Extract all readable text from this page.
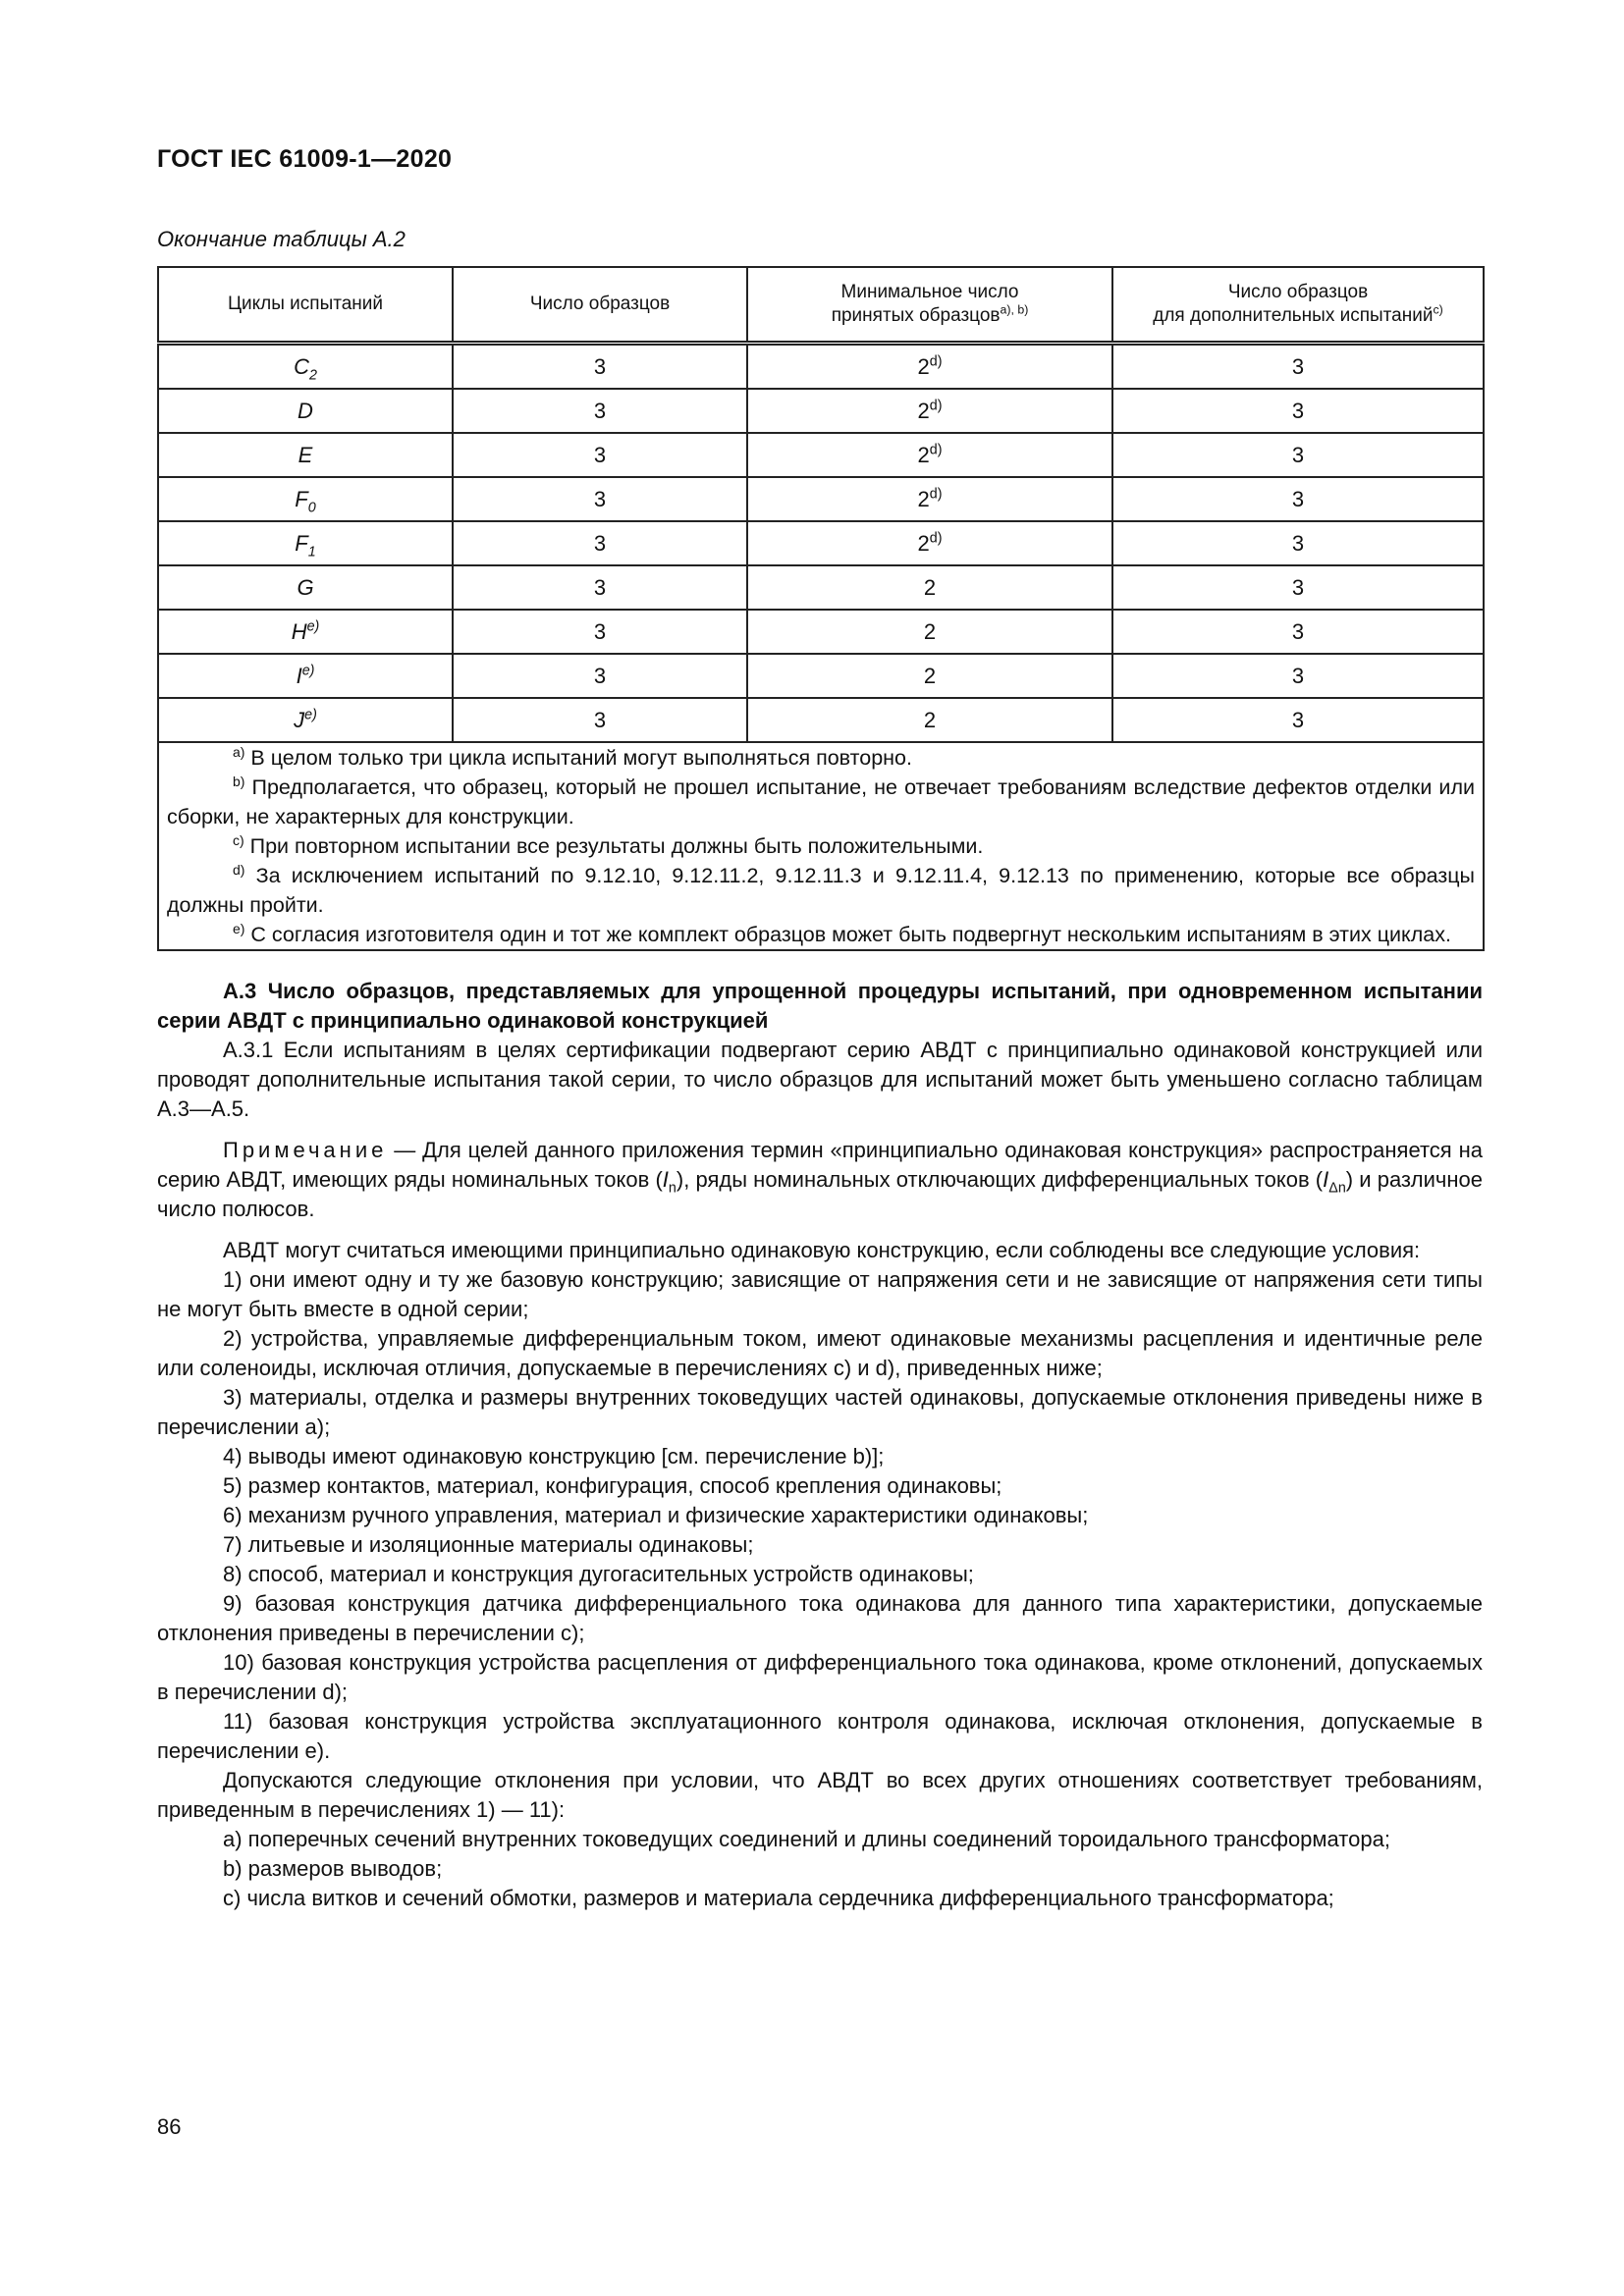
ГОСТ IEC 61009-1—2020
Окончание таблицы А.2
Циклы испытаний	Число образцов	Минимальное число
принятых образцов$^{a), b)}$	Число образцов
для дополнительных испытаний$^{c)}$
$C_2$	3	2$^{d)}$	3
D	3	2$^{d)}$	3
E	3	2$^{d)}$	3
$F_0$	3	2$^{d)}$	3
$F_1$	3	2$^{d)}$	3
G	3	2	3
$H^{e)}$	3	2	3
$I^{e)}$	3	2	3
$J^{e)}$	3	2	3

$^{a)}$ В целом только три цикла испытаний могут выполняться повторно.
$^{b)}$ Предполагается, что образец, который не прошел испытание, не отвечает требованиям вследствие дефектов отделки или сборки, не характерных для конструкции.
$^{c)}$ При повторном испытании все результаты должны быть положительными.
$^{d)}$ За исключением испытаний по 9.12.10, 9.12.11.2, 9.12.11.3 и 9.12.11.4, 9.12.13 по применению, которые все образцы должны пройти.
$^{e)}$ С согласия изготовителя один и тот же комплект образцов может быть подвергнут нескольким испытаниям в этих циклах.			

А.3 Число образцов, представляемых для упрощенной процедуры испытаний, при одновременном испытании серии АВДТ с принципиально одинаковой конструкцией

А.3.1 Если испытаниям в целях сертификации подвергают серию АВДТ с принципиально одинаковой конструкцией или проводят дополнительные испытания такой серии, то число образцов для испытаний может быть уменьшено согласно таблицам А.3—А.5.

Примечание — Для целей данного приложения термин «принципиально одинаковая конструкция» распространяется на серию АВДТ, имеющих ряды номинальных токов $(I_n)$, ряды номинальных отключающих дифференциальных токов $(I_{\Delta n})$ и различное число полюсов.

АВДТ могут считаться имеющими принципиально одинаковую конструкцию, если соблюдены все следующие условия:

1) они имеют одну и ту же базовую конструкцию; зависящие от напряжения сети и не зависящие от напряжения сети типы не могут быть вместе в одной серии;

2) устройства, управляемые дифференциальным током, имеют одинаковые механизмы расцепления и идентичные реле или соленоиды, исключая отличия, допускаемые в перечислениях с) и d), приведенных ниже;

3) материалы, отделка и размеры внутренних токоведущих частей одинаковы, допускаемые отклонения приведены ниже в перечислении а);

4) выводы имеют одинаковую конструкцию [см. перечисление b)];

5) размер контактов, материал, конфигурация, способ крепления одинаковы;

6) механизм ручного управления, материал и физические характеристики одинаковы;

7) литьевые и изоляционные материалы одинаковы;

8) способ, материал и конструкция дугогасительных устройств одинаковы;

9) базовая конструкция датчика дифференциального тока одинакова для данного типа характеристики, допускаемые отклонения приведены в перечислении с);

10) базовая конструкция устройства расцепления от дифференциального тока одинакова, кроме отклонений, допускаемых в перечислении d);

11) базовая конструкция устройства эксплуатационного контроля одинакова, исключая отклонения, допускаемые в перечислении е).

Допускаются следующие отклонения при условии, что АВДТ во всех других отношениях соответствует требованиям, приведенным в перечислениях 1) — 11):

а) поперечных сечений внутренних токоведущих соединений и длины соединений тороидального трансформатора;

b) размеров выводов;

с) числа витков и сечений обмотки, размеров и материала сердечника дифференциального трансформатора;

86
